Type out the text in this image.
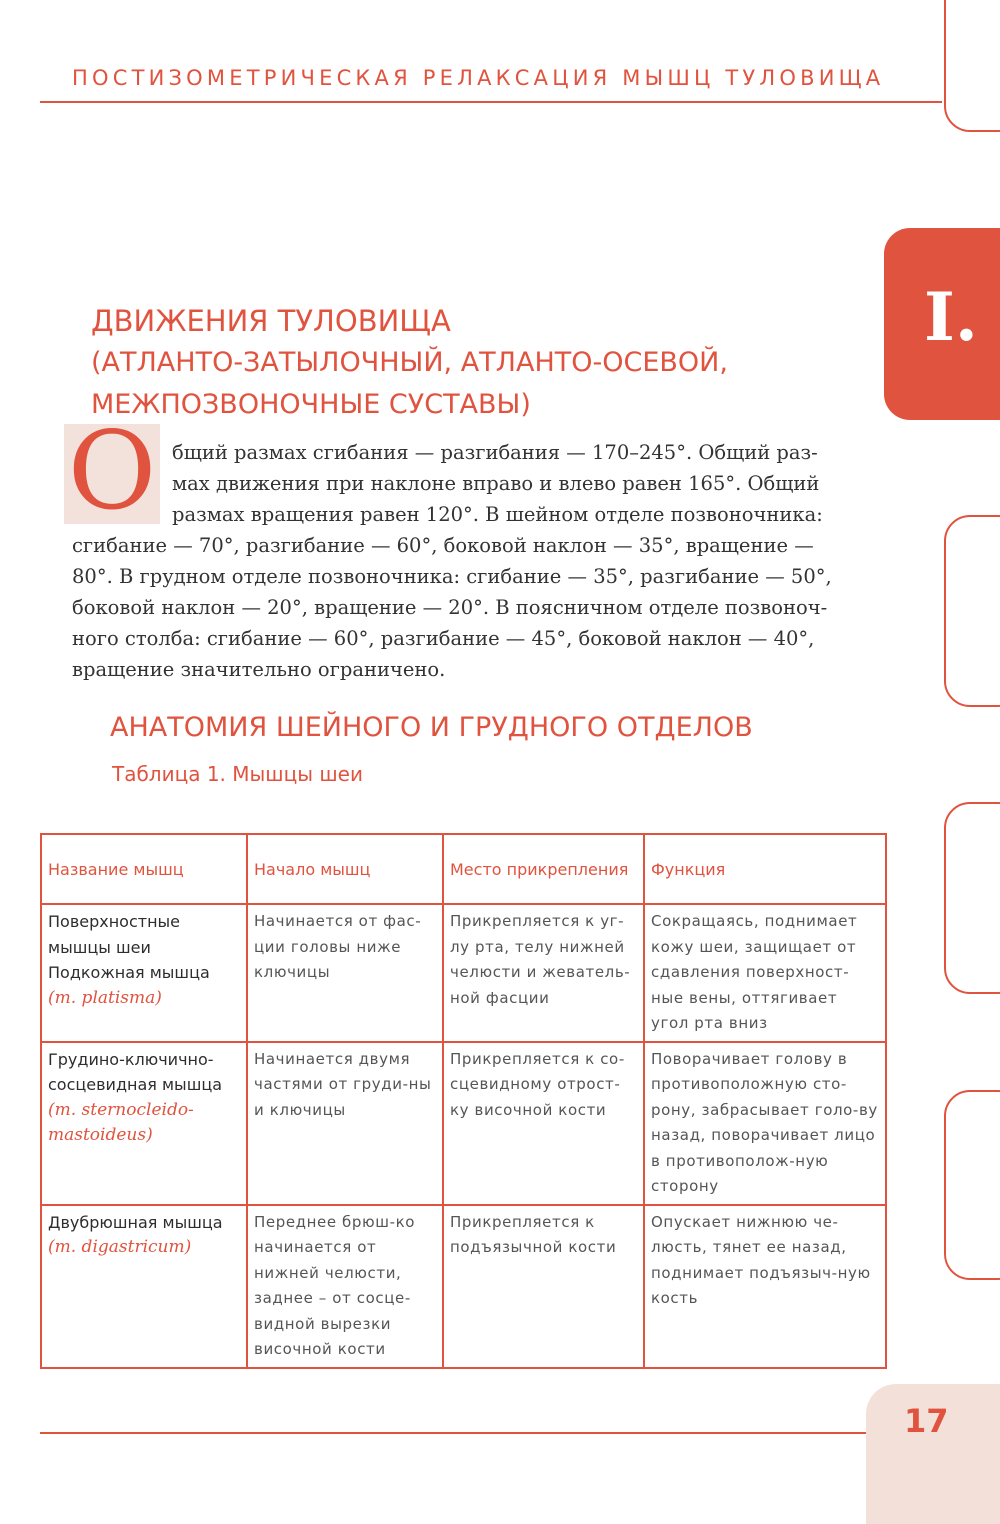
ПОСТИЗОМЕТРИЧЕСКАЯ РЕЛАКСАЦИЯ МЫШЦ ТУЛОВИЩА
I.
ДВИЖЕНИЯ ТУЛОВИЩА
(АТЛАНТО-ЗАТЫЛОЧНЫЙ, АТЛАНТО-ОСЕВОЙ,
МЕЖПОЗВОНОЧНЫЕ СУСТАВЫ)
О бщий размах сгибания — разгибания — 170–245°. Общий раз-
мах движения при наклоне вправо и влево равен 165°. Общий
размах вращения равен 120°. В шейном отделе позвоночника:
сгибание — 70°, разгибание — 60°, боковой наклон — 35°, вращение —
80°. В грудном отделе позвоночника: сгибание — 35°, разгибание — 50°,
боковой наклон — 20°, вращение — 20°. В поясничном отделе позвоноч-
ного столба: сгибание — 60°, разгибание — 45°, боковой наклон — 40°,
вращение значительно ограничено.
АНАТОМИЯ ШЕЙНОГО И ГРУДНОГО ОТДЕЛОВ
Таблица 1. Мышцы шеи
Название мышц	Начало мышц	Место прикрепления	Функция
Поверхностные мышцы шеи Подкожная мышца
(m. platisma)	Начинается от фас-ции головы ниже ключицы	Прикрепляется к уг-лу рта, телу нижней челюсти и жеватель-ной фасции	Сокращаясь, поднимает кожу шеи, защищает от сдавления поверхност-ные вены, оттягивает угол рта вниз
Грудино-ключично-сосцевидная мышца
(m. sternocleido-mastoideus)	Начинается двумя частями от груди-ны и ключицы	Прикрепляется к со-сцевидному отрост-ку височной кости	Поворачивает голову в противоположную сто-рону, забрасывает голо-ву назад, поворачивает лицо в противополож-ную сторону
Двубрюшная мышца
(m. digastricum)	Переднее брюш-ко начинается от нижней челюсти, заднее – от сосце-видной вырезки височной кости	Прикрепляется к подъязычной кости	Опускает нижнюю че-люсть, тянет ее назад, поднимает подъязыч-ную кость
17
